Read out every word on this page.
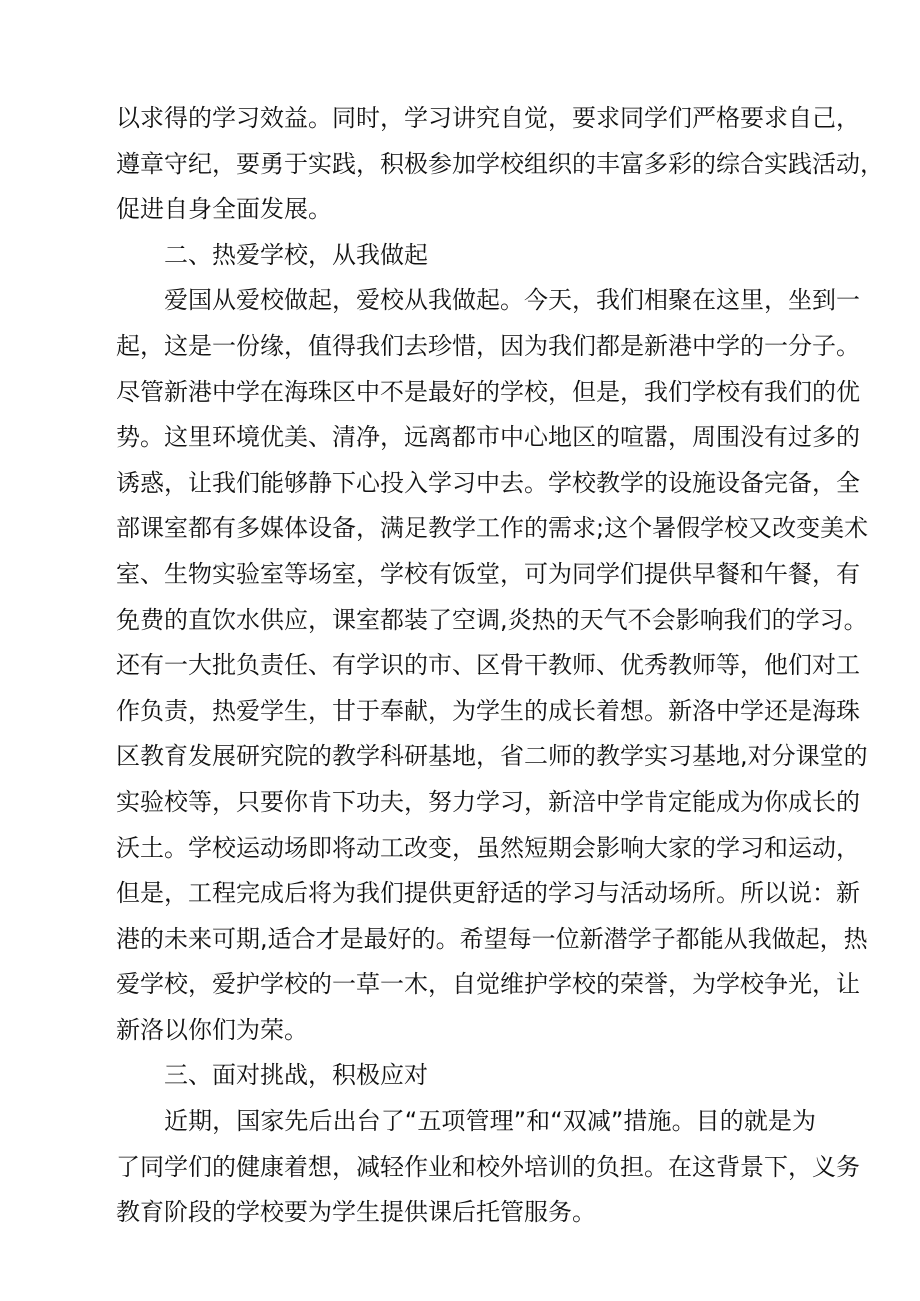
以求得的学习效益。同时，学习讲究自觉，要求同学们严格要求自己，
遵章守纪，要勇于实践，积极参加学校组织的丰富多彩的综合实践活动，
促进自身全面发展。
二、热爱学校，从我做起
爱国从爱校做起，爱校从我做起。今天，我们相聚在这里，坐到一
起，这是一份缘，值得我们去珍惜，因为我们都是新港中学的一分子。
尽管新港中学在海珠区中不是最好的学校，但是，我们学校有我们的优
势。这里环境优美、清净，远离都市中心地区的喧嚣，周围没有过多的
诱惑，让我们能够静下心投入学习中去。学校教学的设施设备完备，全
部课室都有多媒体设备，满足教学工作的需求;这个暑假学校又改变美术
室、生物实验室等场室，学校有饭堂，可为同学们提供早餐和午餐，有
免费的直饮水供应，课室都装了空调,炎热的天气不会影响我们的学习。
还有一大批负责任、有学识的市、区骨干教师、优秀教师等，他们对工
作负责，热爱学生，甘于奉献，为学生的成长着想。新洛中学还是海珠
区教育发展研究院的教学科研基地，省二师的教学实习基地,对分课堂的
实验校等，只要你肯下功夫，努力学习，新涪中学肯定能成为你成长的
沃土。学校运动场即将动工改变，虽然短期会影响大家的学习和运动，
但是，工程完成后将为我们提供更舒适的学习与活动场所。所以说：新
港的未来可期,适合才是最好的。希望每一位新潜学子都能从我做起，热
爱学校，爱护学校的一草一木，自觉维护学校的荣誉，为学校争光，让
新洛以你们为荣。
三、面对挑战，积极应对
近期，国家先后出台了“五项管理”和“双减”措施。目的就是为
了同学们的健康着想，减轻作业和校外培训的负担。在这背景下，义务
教育阶段的学校要为学生提供课后托管服务。
